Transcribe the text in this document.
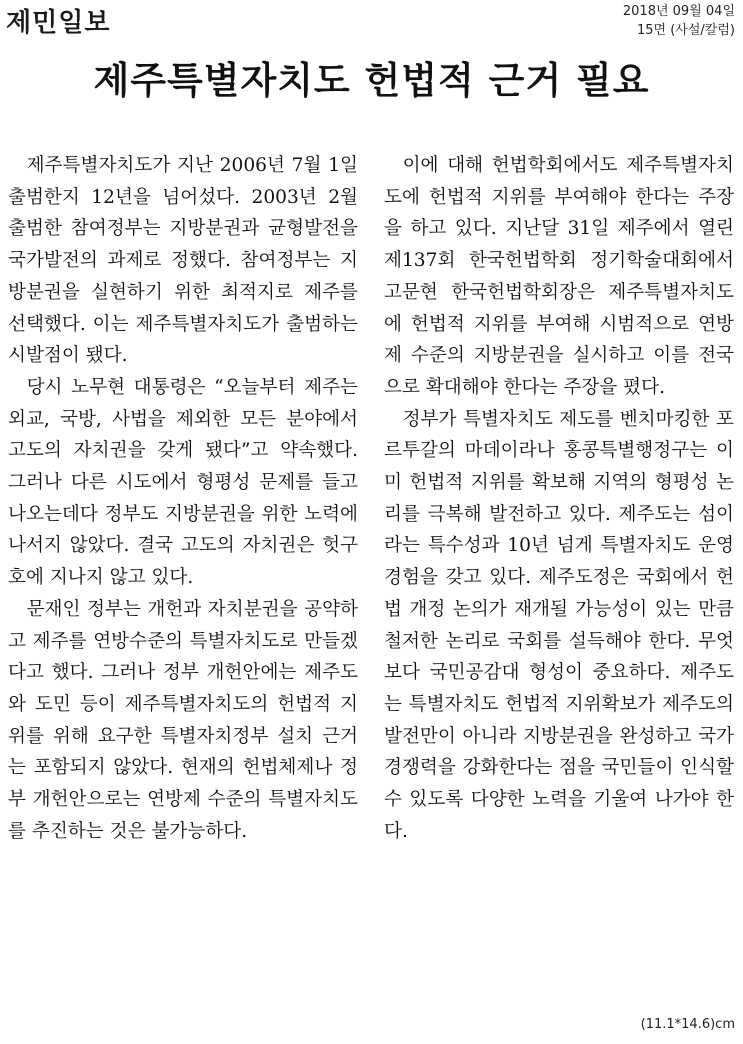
제민일보	2018년 09월 04일
15면 (사설/칼럼)
제주특별자치도 헌법적 근거 필요

제주특별자치도가 지난 2006년 7월 1일 출범한지 12년을 넘어섰다. 2003년 2월 출범한 참여정부는 지방분권과 균형발전을 국가발전의 과제로 정했다. 참여정부는 지방분권을 실현하기 위한 최적지로 제주를 선택했다. 이는 제주특별자치도가 출범하는 시발점이 됐다.

당시 노무현 대통령은 “오늘부터 제주는 외교, 국방, 사법을 제외한 모든 분야에서 고도의 자치권을 갖게 됐다”고 약속했다. 그러나 다른 시도에서 형평성 문제를 들고 나오는데다 정부도 지방분권을 위한 노력에 나서지 않았다. 결국 고도의 자치권은 헛구호에 지나지 않고 있다.

문재인 정부는 개헌과 자치분권을 공약하고 제주를 연방수준의 특별자치도로 만들겠다고 했다. 그러나 정부 개헌안에는 제주도와 도민 등이 제주특별자치도의 헌법적 지위를 위해 요구한 특별자치정부 설치 근거는 포함되지 않았다. 현재의 헌법체제나 정부 개헌안으로는 연방제 수준의 특별자치도를 추진하는 것은 불가능하다.

이에 대해 헌법학회에서도 제주특별자치도에 헌법적 지위를 부여해야 한다는 주장을 하고 있다. 지난달 31일 제주에서 열린 제137회 한국헌법학회 정기학술대회에서 고문현 한국헌법학회장은 제주특별자치도에 헌법적 지위를 부여해 시범적으로 연방제 수준의 지방분권을 실시하고 이를 전국으로 확대해야 한다는 주장을 폈다.

정부가 특별자치도 제도를 벤치마킹한 포르투갈의 마데이라나 홍콩특별행정구는 이미 헌법적 지위를 확보해 지역의 형평성 논리를 극복해 발전하고 있다. 제주도는 섬이라는 특수성과 10년 넘게 특별자치도 운영 경험을 갖고 있다. 제주도정은 국회에서 헌법 개정 논의가 재개될 가능성이 있는 만큼 철저한 논리로 국회를 설득해야 한다. 무엇보다 국민공감대 형성이 중요하다. 제주도는 특별자치도 헌법적 지위확보가 제주도의 발전만이 아니라 지방분권을 완성하고 국가경쟁력을 강화한다는 점을 국민들이 인식할 수 있도록 다양한 노력을 기울여 나가야 한다.

(11.1*14.6)cm
